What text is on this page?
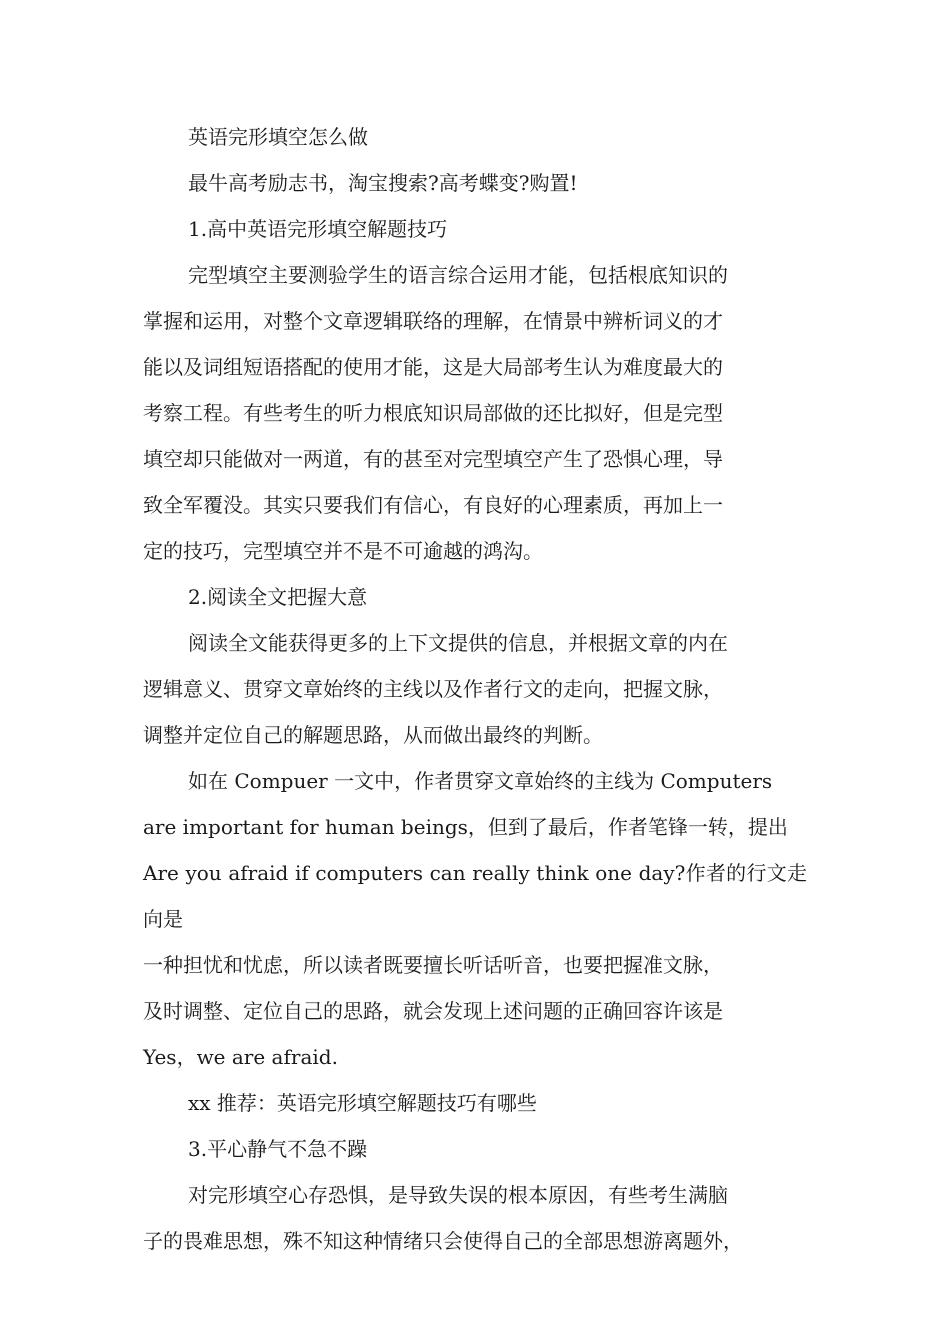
英语完形填空怎么做

最牛高考励志书，淘宝搜索?高考蝶变?购置!

1.高中英语完形填空解题技巧

完型填空主要测验学生的语言综合运用才能，包括根底知识的
掌握和运用，对整个文章逻辑联络的理解，在情景中辨析词义的才
能以及词组短语搭配的使用才能，这是大局部考生认为难度最大的
考察工程。有些考生的听力根底知识局部做的还比拟好，但是完型
填空却只能做对一两道，有的甚至对完型填空产生了恐惧心理，导
致全军覆没。其实只要我们有信心，有良好的心理素质，再加上一
定的技巧，完型填空并不是不可逾越的鸿沟。

2.阅读全文把握大意

阅读全文能获得更多的上下文提供的信息，并根据文章的内在
逻辑意义、贯穿文章始终的主线以及作者行文的走向，把握文脉，
调整并定位自己的解题思路，从而做出最终的判断。

如在 Compuer 一文中，作者贯穿文章始终的主线为 Computers
are important for human beings，但到了最后，作者笔锋一转，提出
Are you afraid if computers can really think one day?作者的行文走向是
一种担忧和忧虑，所以读者既要擅长听话听音，也要把握准文脉，
及时调整、定位自己的思路，就会发现上述问题的正确回容许该是
Yes，we are afraid.

xx 推荐：英语完形填空解题技巧有哪些

3.平心静气不急不躁

对完形填空心存恐惧，是导致失误的根本原因，有些考生满脑
子的畏难思想，殊不知这种情绪只会使得自己的全部思想游离题外，
